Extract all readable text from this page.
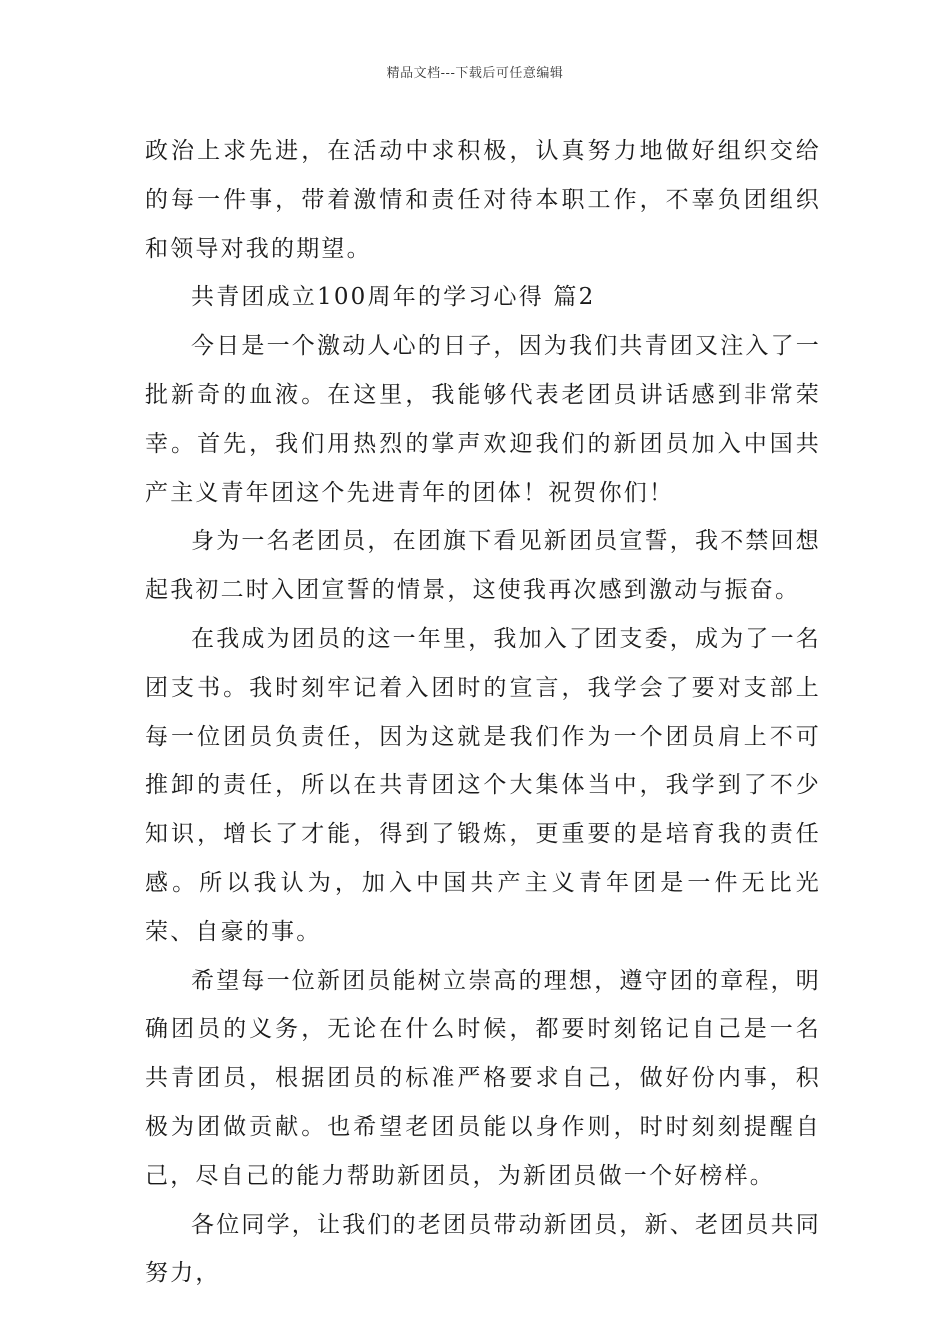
精品文档---下载后可任意编辑

政治上求先进，在活动中求积极，认真努力地做好组织交给的每一件事，带着激情和责任对待本职工作，不辜负团组织和领导对我的期望。

共青团成立100周年的学习心得 篇2

今日是一个激动人心的日子，因为我们共青团又注入了一批新奇的血液。在这里，我能够代表老团员讲话感到非常荣幸。首先，我们用热烈的掌声欢迎我们的新团员加入中国共产主义青年团这个先进青年的团体！祝贺你们！

身为一名老团员，在团旗下看见新团员宣誓，我不禁回想起我初二时入团宣誓的情景，这使我再次感到激动与振奋。

在我成为团员的这一年里，我加入了团支委，成为了一名团支书。我时刻牢记着入团时的宣言，我学会了要对支部上每一位团员负责任，因为这就是我们作为一个团员肩上不可推卸的责任，所以在共青团这个大集体当中，我学到了不少知识，增长了才能，得到了锻炼，更重要的是培育我的责任感。所以我认为，加入中国共产主义青年团是一件无比光荣、自豪的事。

希望每一位新团员能树立崇高的理想，遵守团的章程，明确团员的义务，无论在什么时候，都要时刻铭记自己是一名共青团员，根据团员的标准严格要求自己，做好份内事，积极为团做贡献。也希望老团员能以身作则，时时刻刻提醒自己，尽自己的能力帮助新团员，为新团员做一个好榜样。

各位同学，让我们的老团员带动新团员，新、老团员共同努力，
